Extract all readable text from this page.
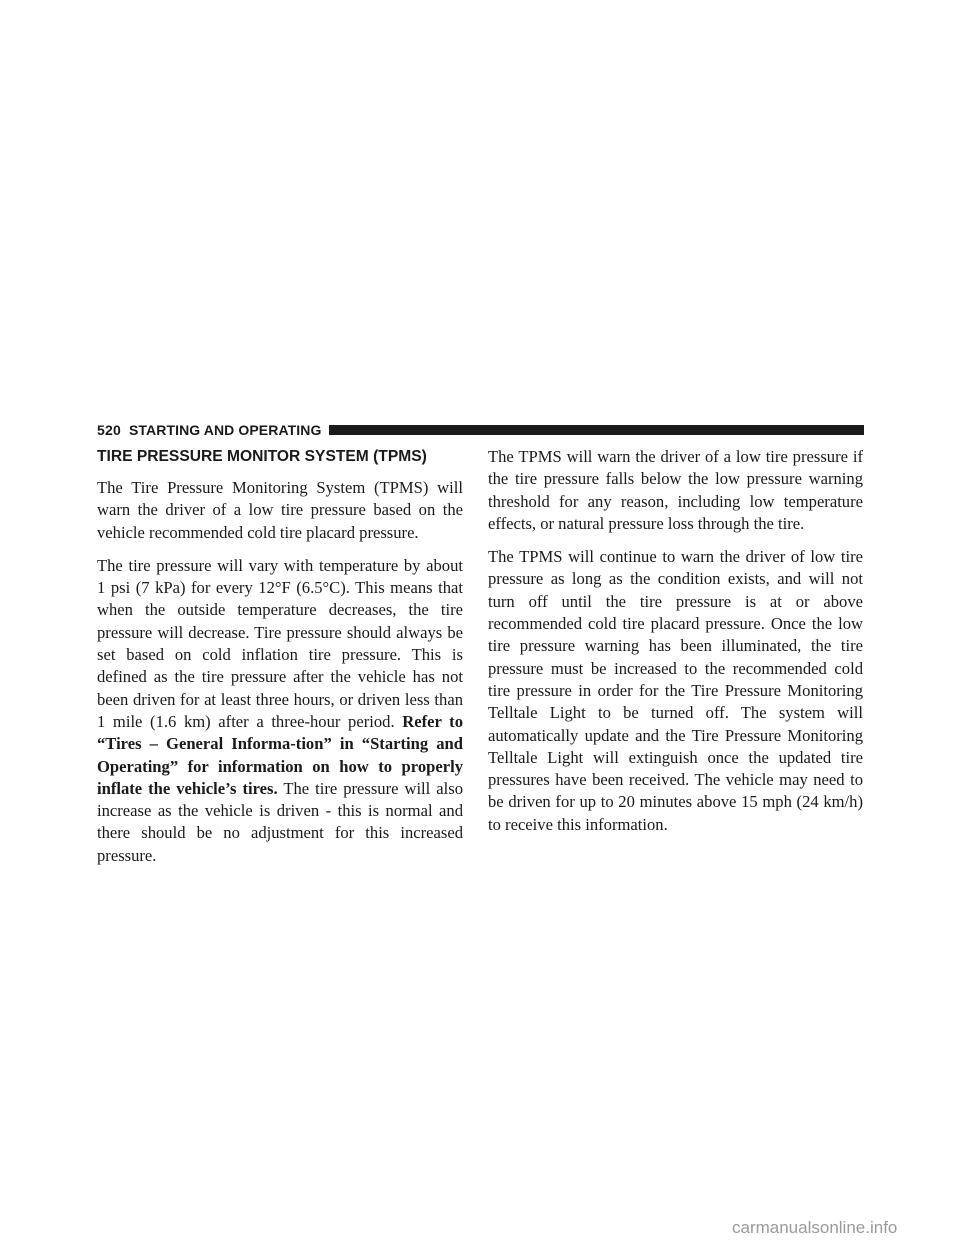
520 STARTING AND OPERATING
TIRE PRESSURE MONITOR SYSTEM (TPMS)

The Tire Pressure Monitoring System (TPMS) will warn the driver of a low tire pressure based on the vehicle recommended cold tire placard pressure.

The tire pressure will vary with temperature by about 1 psi (7 kPa) for every 12°F (6.5°C). This means that when the outside temperature decreases, the tire pressure will decrease. Tire pressure should always be set based on cold inflation tire pressure. This is defined as the tire pressure after the vehicle has not been driven for at least three hours, or driven less than 1 mile (1.6 km) after a three-hour period. Refer to “Tires – General Informa-tion” in “Starting and Operating” for information on how to properly inflate the vehicle’s tires. The tire pressure will also increase as the vehicle is driven - this is normal and there should be no adjustment for this increased pressure.

The TPMS will warn the driver of a low tire pressure if the tire pressure falls below the low pressure warning threshold for any reason, including low temperature effects, or natural pressure loss through the tire.

The TPMS will continue to warn the driver of low tire pressure as long as the condition exists, and will not turn off until the tire pressure is at or above recommended cold tire placard pressure. Once the low tire pressure warning has been illuminated, the tire pressure must be increased to the recommended cold tire pressure in order for the Tire Pressure Monitoring Telltale Light to be turned off. The system will automatically update and the Tire Pressure Monitoring Telltale Light will extinguish once the updated tire pressures have been received. The vehicle may need to be driven for up to 20 minutes above 15 mph (24 km/h) to receive this information.

carmanualsonline.info
